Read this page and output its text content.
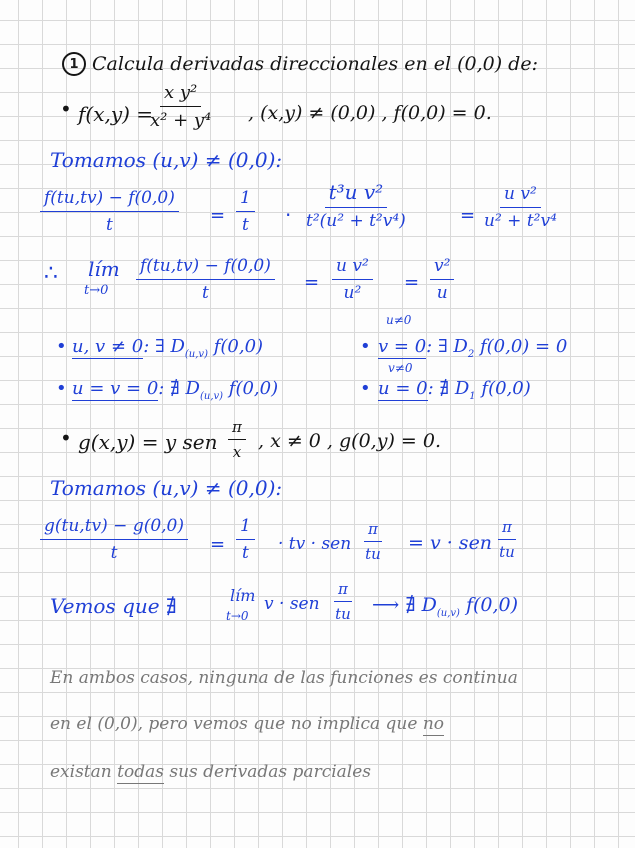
1 Calcula derivadas direccionales en el (0,0) de:
• f(x,y) =
$\frac{\text{x y²}}{\text{x² + y⁴}}$ , (x,y) ≠ (0,0) , f(0,0) = 0.
Tomamos (u,v) ≠ (0,0):
$\frac{f(tu,tv) - f(0,0)}{t} = \frac{1}{t} \cdot \frac{\text{t³u v²}}{\text{t²(u² + t²v⁴)}}$	= $\frac{\text{u v²}}{\text{u² + t²v⁴}}$
∴ lím
$t\to 0 \frac{f(tu,tv) - f(0,0)}{t} = \frac{\text{u v²}}{\text{u²}} = \frac{\text{v²}}{u}$
• u, v ≠ 0: ∃ $D_{(u,v)}$ f(0,0)
• u = v = 0: ∄ $D_{(u,v)}$ f(0,0)
u≠0
• v = 0: ∃ $D_2$ f(0,0) = 0
v≠0
• u = 0: ∄ $D_1$ f(0,0)
• g(x,y) = y sen $\frac{\pi}{x}$ , x ≠ 0 , g(0,y) = 0.
Tomamos (u,v) ≠ (0,0):
$\frac{g(tu,tv) - g(0,0)}{t} = \frac{1}{t}$ · tv · sen $\frac{\pi}{tu} = v$ · sen $\frac{\pi}{tu}$
Vemos que ∄	lím
t→0
v · sen $\frac{\pi}{tu}$ ⟶ ∄ $D_{(u,v)}$ f(0,0)
En ambos casos, ninguna de las funciones es continua
en el (0,0), pero vemos que no implica que no
existan todas sus derivadas parciales
